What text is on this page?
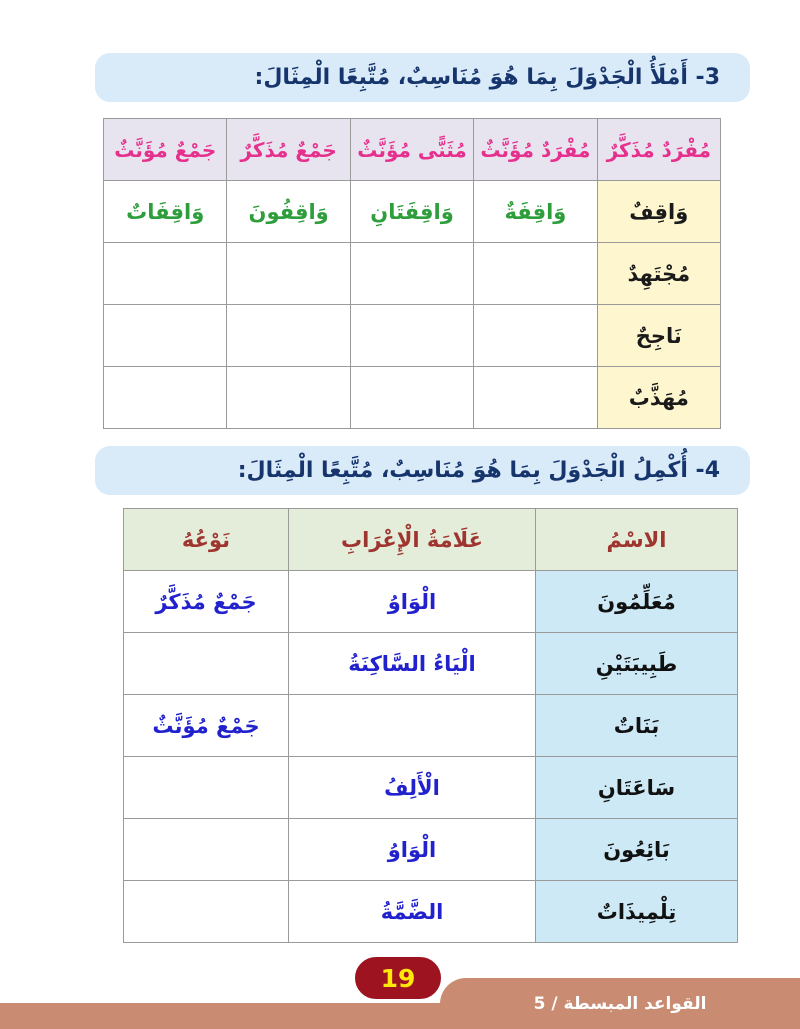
3- أَمْلَأُ الْجَدْوَلَ بِمَا هُوَ مُنَاسِبٌ، مُتَّبِعًا الْمِثَالَ:
مُفْرَدٌ مُذَكَّرٌ	مُفْرَدٌ مُؤَنَّثٌ	مُثَنًّى مُؤَنَّثٌ	جَمْعٌ مُذَكَّرٌ	جَمْعٌ مُؤَنَّثٌ
وَاقِفٌ	وَاقِفَةٌ	وَاقِفَتَانِ	وَاقِفُونَ	وَاقِفَاتٌ
مُجْتَهِدٌ				
نَاجِحٌ				
مُهَذَّبٌ				
4- أُكْمِلُ الْجَدْوَلَ بِمَا هُوَ مُنَاسِبٌ، مُتَّبِعًا الْمِثَالَ:
الاسْمُ	عَلَامَةُ الْإِعْرَابِ	نَوْعُهُ
مُعَلِّمُونَ	الْوَاوُ	جَمْعٌ مُذَكَّرٌ
طَبِيبَتَيْنِ	الْيَاءُ السَّاكِنَةُ	
بَنَاتٌ		جَمْعٌ مُؤَنَّثٌ
سَاعَتَانِ	الْأَلِفُ	
بَائِعُونَ	الْوَاوُ	
تِلْمِيذَاتٌ	الضَّمَّةُ	
القواعد المبسطة / 5
19
